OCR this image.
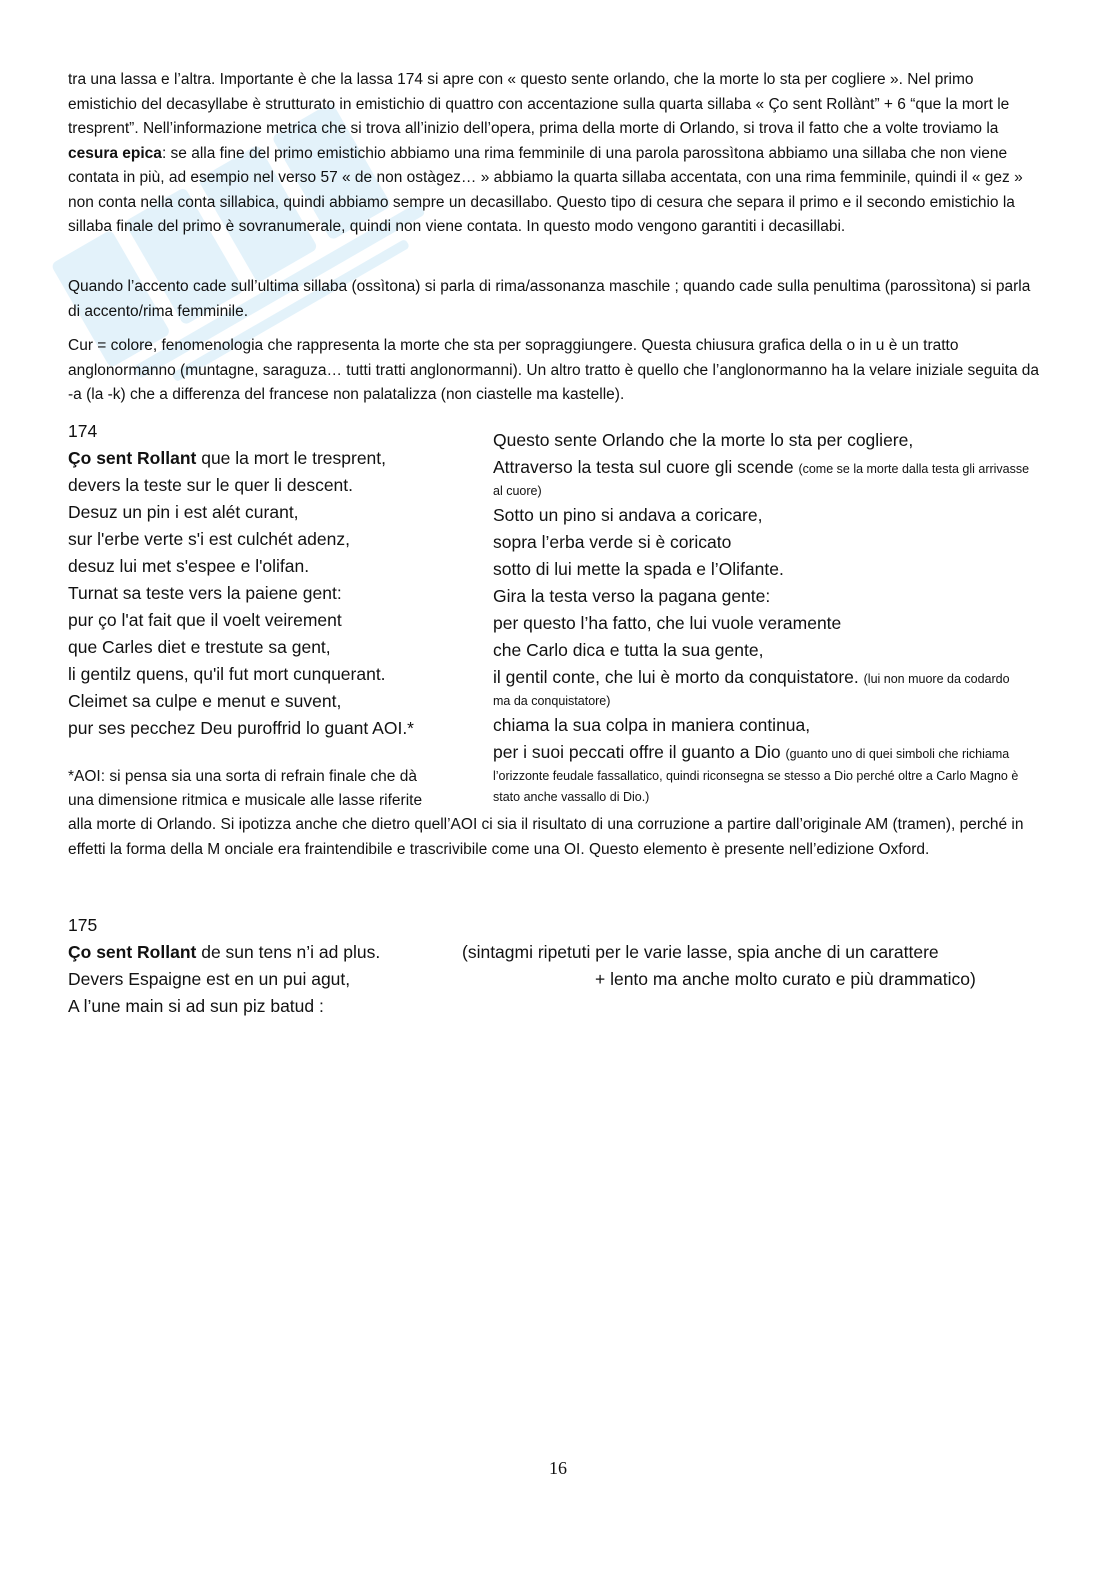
tra una lassa e l’altra. Importante è che la lassa 174 si apre con « questo sente orlando, che la morte lo sta per cogliere ». Nel primo emistichio del decasyllabe è strutturato in emistichio di quattro con accentazione sulla quarta sillaba « Ço sent Rollànt” + 6 “que la mort le tresprent”. Nell’informazione metrica che si trova all’inizio dell’opera, prima della morte di Orlando, si trova il fatto che a volte troviamo la cesura epica: se alla fine del primo emistichio abbiamo una rima femminile di una parola parossìtona abbiamo una sillaba che non viene contata in più, ad esempio nel verso 57 « de non ostàgez… » abbiamo la quarta sillaba accentata, con una rima femminile, quindi il « gez » non conta nella conta sillabica, quindi abbiamo sempre un decasillabo. Questo tipo di cesura che separa il primo e il secondo emistichio la sillaba finale del primo è sovranumerale, quindi non viene contata. In questo modo vengono garantiti i decasillabi.

Quando l’accento cade sull’ultima sillaba (ossìtona) si parla di rima/assonanza maschile ; quando cade sulla penultima (parossìtona) si parla di accento/rima femminile.

Cur = colore, fenomenologia che rappresenta la morte che sta per sopraggiungere. Questa chiusura grafica della o in u è un tratto anglonormanno (muntagne, saraguza… tutti tratti anglonormanni). Un altro tratto è quello che l’anglonormanno ha la velare iniziale seguita da -a (la -k) che a differenza del francese non palatalizza (non ciastelle ma kastelle).

174
Ço sent Rollant que la mort le tresprent,
devers la teste sur le quer li descent.
Desuz un pin i est alét curant,
sur l'erbe verte s'i est culchét adenz,
desuz lui met s'espee e l'olifan.
Turnat sa teste vers la paiene gent:
pur ço l'at fait que il voelt veirement
que Carles diet e trestute sa gent,
li gentilz quens, qu'il fut mort cunquerant.
Cleimet sa culpe e menut e suvent,
pur ses pecchez Deu puroffrid lo guant AOI.*
Questo sente Orlando che la morte lo sta per cogliere,
Attraverso la testa sul cuore gli scende (come se la morte dalla testa gli arrivasse
al cuore)
Sotto un pino si andava a coricare,
sopra l’erba verde si è coricato
sotto di lui mette la spada e l’Olifante.
Gira la testa verso la pagana gente:
per questo l’ha fatto, che lui vuole veramente
che Carlo dica e tutta la sua gente,
il gentil conte, che lui è morto da conquistatore. (lui non muore da codardo
ma da conquistatore)
chiama la sua colpa in maniera continua,
per i suoi peccati offre il guanto a Dio (guanto uno di quei simboli che richiama
l’orizzonte feudale fassallatico, quindi riconsegna se stesso a Dio perché oltre a Carlo Magno è
stato anche vassallo di Dio.)
*AOI: si pensa sia una sorta di refrain finale che dà
una dimensione ritmica e musicale alle lasse riferite

alla morte di Orlando. Si ipotizza anche che dietro quell’AOI ci sia il risultato di una corruzione a partire dall’originale AM (tramen), perché in effetti la forma della M onciale era fraintendibile e trascrivibile come una OI. Questo elemento è presente nell’edizione Oxford.

175
Ço sent Rollant de sun tens n’i ad plus.
Devers Espaigne est en un pui agut,
A l’une main si ad sun piz batud :
(sintagmi ripetuti per le varie lasse, spia anche di un carattere
+ lento ma anche molto curato e più drammatico)
16
